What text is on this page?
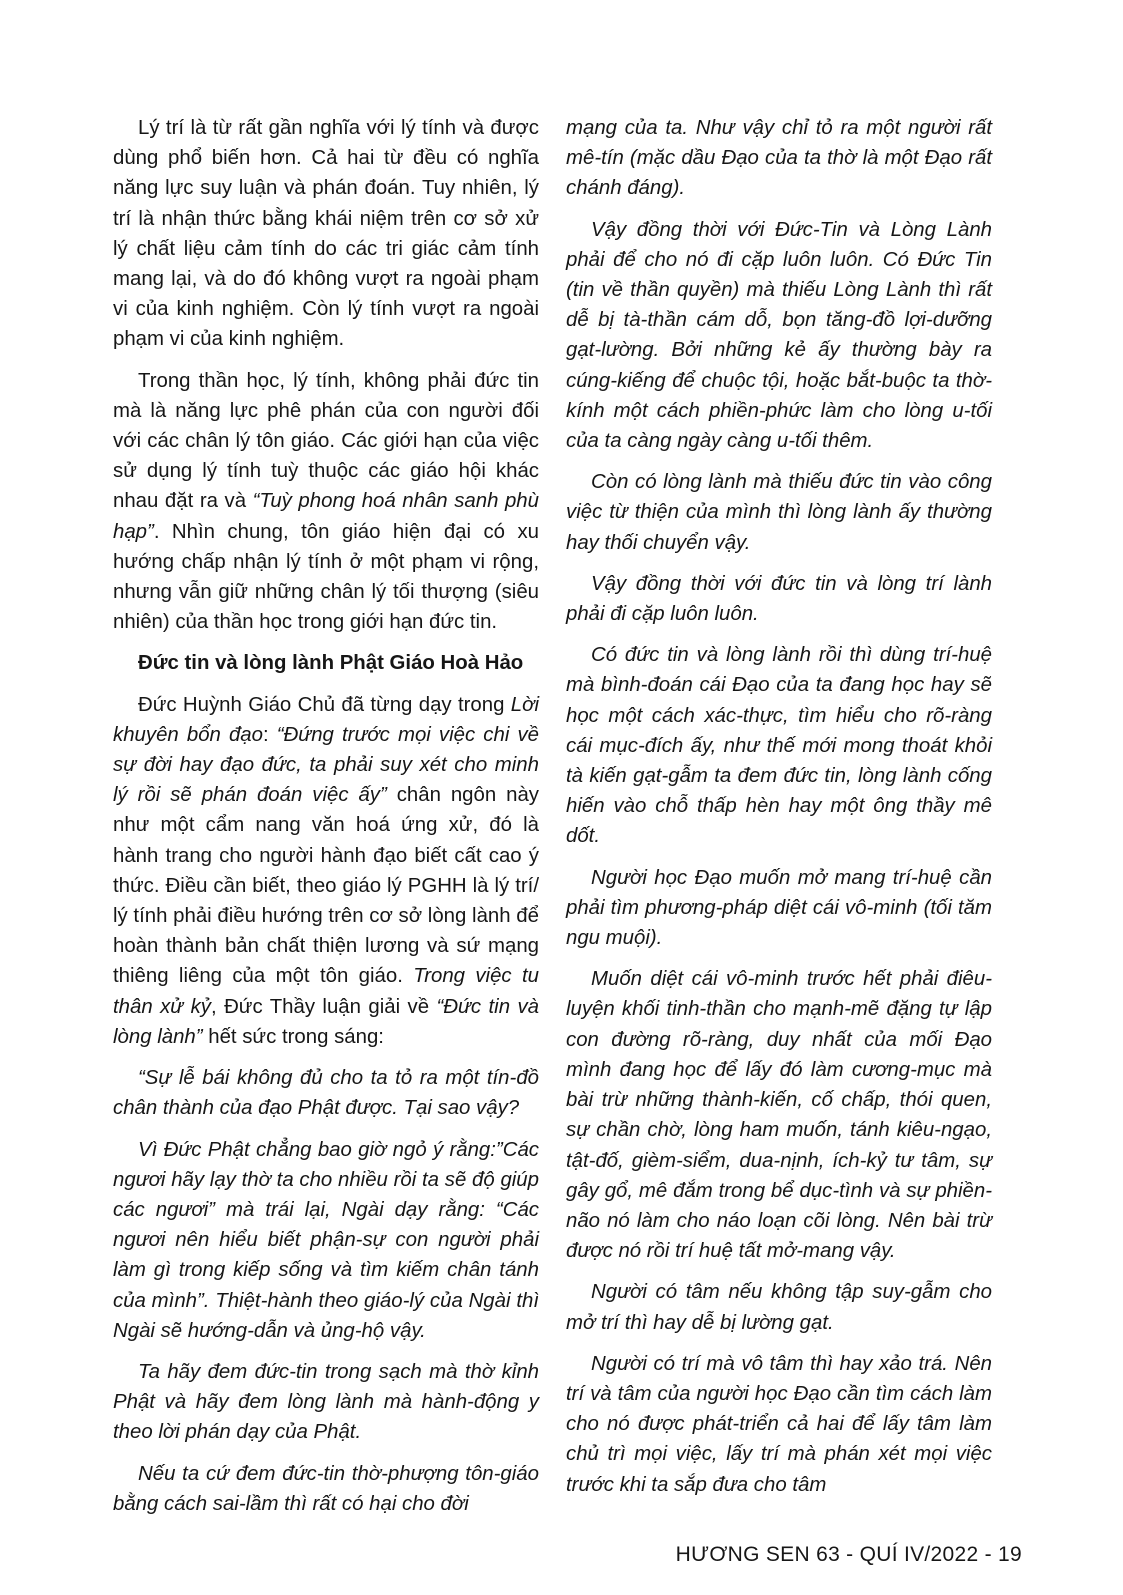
Lý trí là từ rất gần nghĩa với lý tính và được dùng phổ biến hơn. Cả hai từ đều có nghĩa năng lực suy luận và phán đoán. Tuy nhiên, lý trí là nhận thức bằng khái niệm trên cơ sở xử lý chất liệu cảm tính do các tri giác cảm tính mang lại, và do đó không vượt ra ngoài phạm vi của kinh nghiệm. Còn lý tính vượt ra ngoài phạm vi của kinh nghiệm.

Trong thần học, lý tính, không phải đức tin mà là năng lực phê phán của con người đối với các chân lý tôn giáo. Các giới hạn của việc sử dụng lý tính tuỳ thuộc các giáo hội khác nhau đặt ra và “Tuỳ phong hoá nhân sanh phù hạp”. Nhìn chung, tôn giáo hiện đại có xu hướng chấp nhận lý tính ở một phạm vi rộng, nhưng vẫn giữ những chân lý tối thượng (siêu nhiên) của thần học trong giới hạn đức tin.

Đức tin và lòng lành Phật Giáo Hoà Hảo

Đức Huỳnh Giáo Chủ đã từng dạy trong Lời khuyên bổn đạo: “Đứng trước mọi việc chi về sự đời hay đạo đức, ta phải suy xét cho minh lý rồi sẽ phán đoán việc ấy” chân ngôn này như một cẩm nang văn hoá ứng xử, đó là hành trang cho người hành đạo biết cất cao ý thức. Điều cần biết, theo giáo lý PGHH là lý trí/ lý tính phải điều hướng trên cơ sở lòng lành để hoàn thành bản chất thiện lương và sứ mạng thiêng liêng của một tôn giáo. Trong việc tu thân xử kỷ, Đức Thầy luận giải về “Đức tin và lòng lành” hết sức trong sáng:

“Sự lễ bái không đủ cho ta tỏ ra một tín-đồ chân thành của đạo Phật được. Tại sao vậy?

Vì Đức Phật chẳng bao giờ ngỏ ý rằng:”Các ngươi hãy lạy thờ ta cho nhiều rồi ta sẽ độ giúp các ngươi” mà trái lại, Ngài dạy rằng: “Các ngươi nên hiểu biết phận-sự con người phải làm gì trong kiếp sống và tìm kiếm chân tánh của mình”. Thiệt-hành theo giáo-lý của Ngài thì Ngài sẽ hướng-dẫn và ủng-hộ vậy.

Ta hãy đem đức-tin trong sạch mà thờ kỉnh Phật và hãy đem lòng lành mà hành-động y theo lời phán dạy của Phật.

Nếu ta cứ đem đức-tin thờ-phượng tôn-giáo bằng cách sai-lầm thì rất có hại cho đời

mạng của ta. Như vậy chỉ tỏ ra một người rất mê-tín (mặc dầu Đạo của ta thờ là một Đạo rất chánh đáng).

Vậy đồng thời với Đức-Tin và Lòng Lành phải để cho nó đi cặp luôn luôn. Có Đức Tin (tin về thần quyền) mà thiếu Lòng Lành thì rất dễ bị tà-thần cám dỗ, bọn tăng-đồ lợi-dưỡng gạt-lường. Bởi những kẻ ấy thường bày ra cúng-kiếng để chuộc tội, hoặc bắt-buộc ta thờ-kính một cách phiền-phức làm cho lòng u-tối của ta càng ngày càng u-tối thêm.

Còn có lòng lành mà thiếu đức tin vào công việc từ thiện của mình thì lòng lành ấy thường hay thối chuyển vậy.

Vậy đồng thời với đức tin và lòng trí lành phải đi cặp luôn luôn.

Có đức tin và lòng lành rồi thì dùng trí-huệ mà bình-đoán cái Đạo của ta đang học hay sẽ học một cách xác-thực, tìm hiểu cho rõ-ràng cái mục-đích ấy, như thế mới mong thoát khỏi tà kiến gạt-gẫm ta đem đức tin, lòng lành cống hiến vào chỗ thấp hèn hay một ông thầy mê dốt.

Người học Đạo muốn mở mang trí-huệ cần phải tìm phương-pháp diệt cái vô-minh (tối tăm ngu muội).

Muốn diệt cái vô-minh trước hết phải điêu-luyện khối tinh-thần cho mạnh-mẽ đặng tự lập con đường rõ-ràng, duy nhất của mối Đạo mình đang học để lấy đó làm cương-mục mà bài trừ những thành-kiến, cố chấp, thói quen, sự chần chờ, lòng ham muốn, tánh kiêu-ngạo, tật-đố, gièm-siểm, dua-nịnh, ích-kỷ tư tâm, sự gây gổ, mê đắm trong bể dục-tình và sự phiền-não nó làm cho náo loạn cõi lòng. Nên bài trừ được nó rồi trí huệ tất mở-mang vậy.

Người có tâm nếu không tập suy-gẫm cho mở trí thì hay dễ bị lường gạt.

Người có trí mà vô tâm thì hay xảo trá. Nên trí và tâm của người học Đạo cần tìm cách làm cho nó được phát-triển cả hai để lấy tâm làm chủ trì mọi việc, lấy trí mà phán xét mọi việc trước khi ta sắp đưa cho tâm

HƯƠNG SEN 63 - QUÍ IV/2022 - 19
